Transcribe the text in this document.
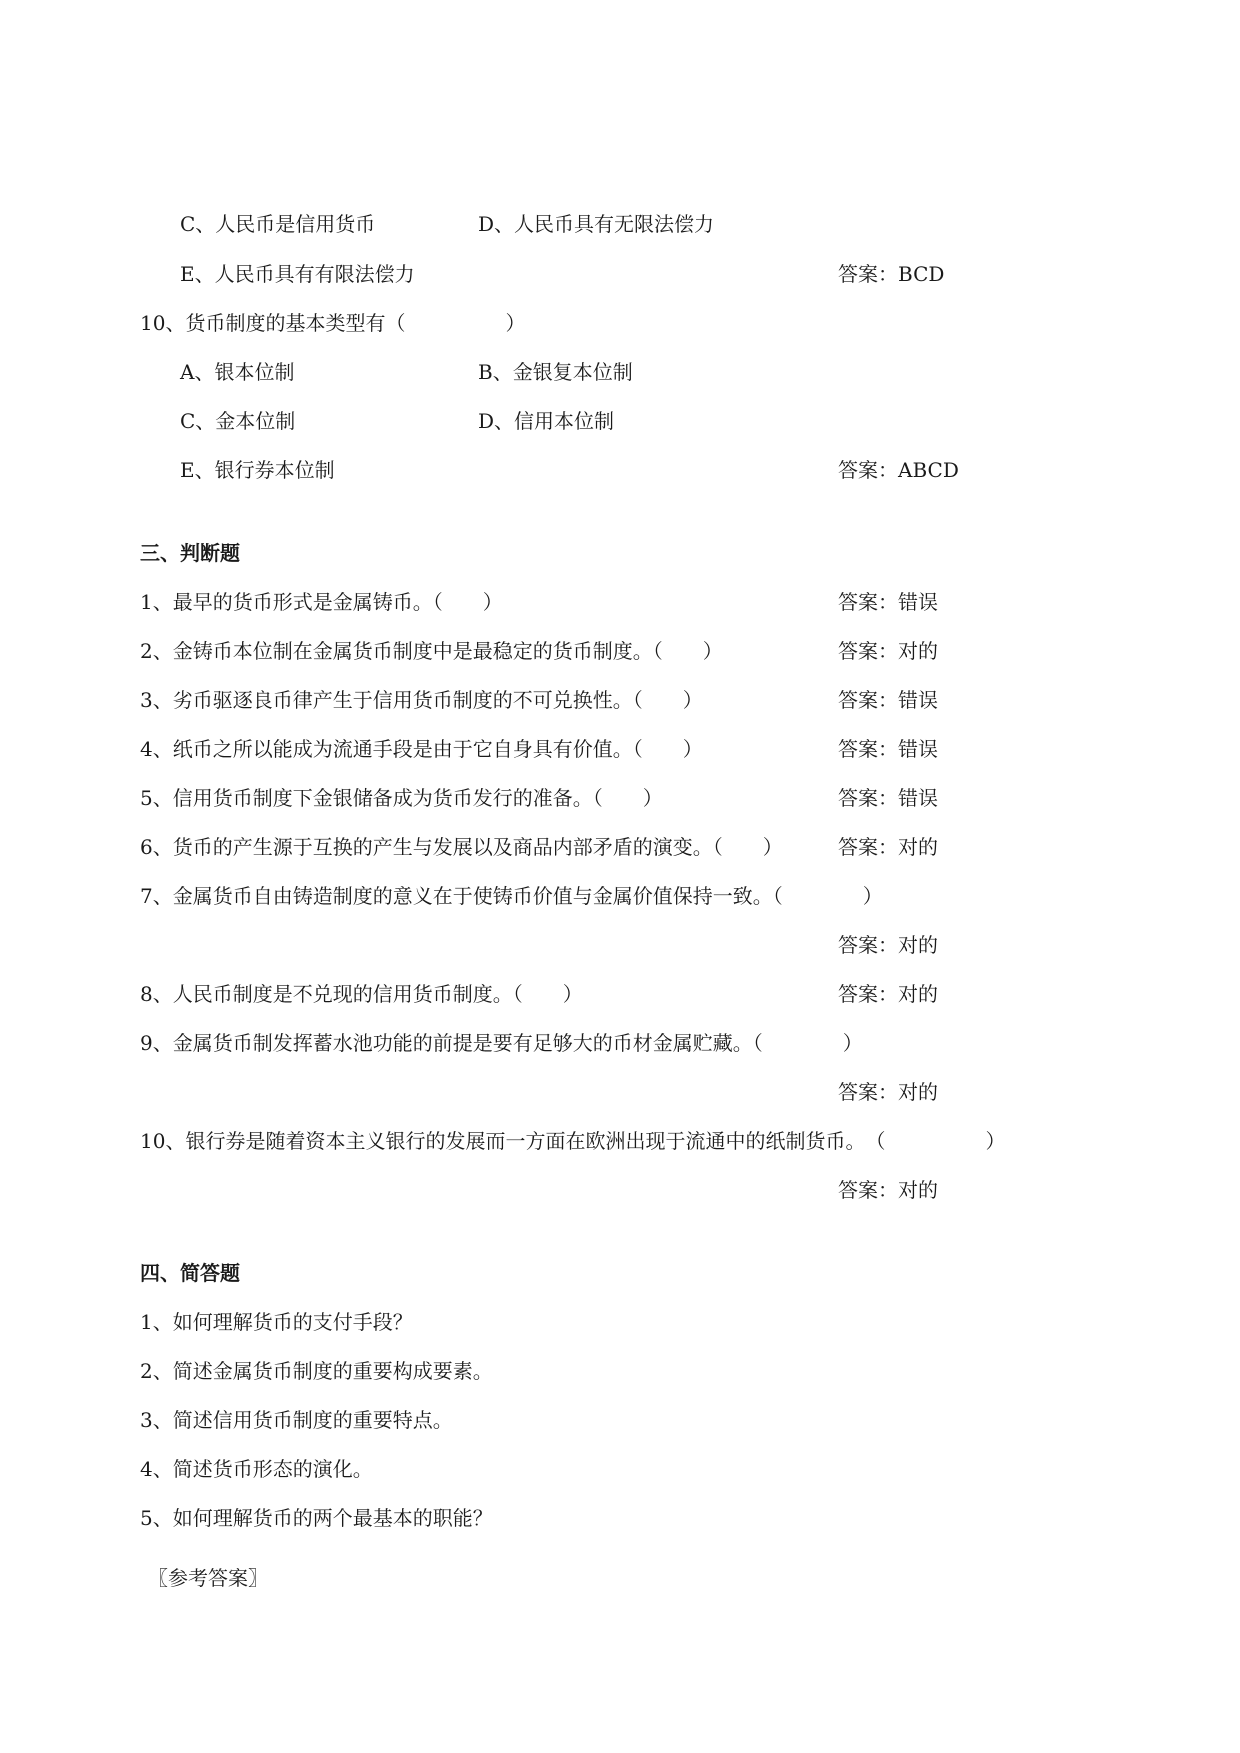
C、人民币是信用货币	D、人民币具有无限法偿力
E、人民币具有有限法偿力	答案：BCD
10、货币制度的基本类型有（　　　　　）
A、银本位制	B、金银复本位制
C、金本位制	D、信用本位制
E、银行券本位制	答案：ABCD
三、判断题
1、最早的货币形式是金属铸币。（　　）	答案：错误
2、金铸币本位制在金属货币制度中是最稳定的货币制度。（　　）	答案：对的
3、劣币驱逐良币律产生于信用货币制度的不可兑换性。（　　）	答案：错误
4、纸币之所以能成为流通手段是由于它自身具有价值。（　　）	答案：错误
5、信用货币制度下金银储备成为货币发行的准备。（　　）	答案：错误
6、货币的产生源于互换的产生与发展以及商品内部矛盾的演变。（　　）	答案：对的
7、金属货币自由铸造制度的意义在于使铸币价值与金属价值保持一致。（　　　　）
答案：对的
8、人民币制度是不兑现的信用货币制度。（　　）	答案：对的
9、金属货币制发挥蓄水池功能的前提是要有足够大的币材金属贮藏。（　　　　）
答案：对的
10、银行券是随着资本主义银行的发展而一方面在欧洲出现于流通中的纸制货币。　（　　　　　）
答案：对的
四、简答题
1、如何理解货币的支付手段？
2、简述金属货币制度的重要构成要素。
3、简述信用货币制度的重要特点。
4、简述货币形态的演化。
5、如何理解货币的两个最基本的职能？
〖参考答案〗
